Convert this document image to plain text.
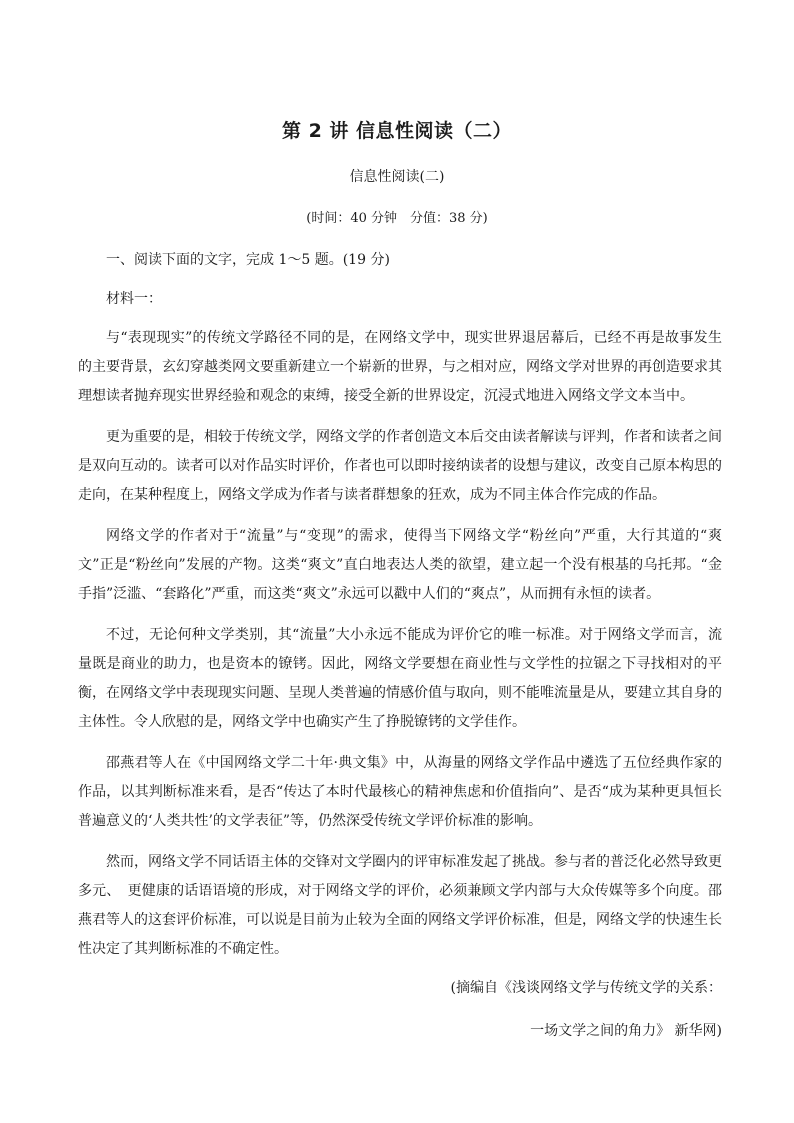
第 2 讲 信息性阅读（二）
信息性阅读(二)
(时间：40 分钟　分值：38 分)

一、阅读下面的文字，完成 1～5 题。(19 分)

材料一：

与“表现现实”的传统文学路径不同的是，在网络文学中，现实世界退居幕后，已经不再是故事发生的主要背景，玄幻穿越类网文要重新建立一个崭新的世界，与之相对应，网络文学对世界的再创造要求其理想读者抛弃现实世界经验和观念的束缚，接受全新的世界设定，沉浸式地进入网络文学文本当中。

更为重要的是，相较于传统文学，网络文学的作者创造文本后交由读者解读与评判，作者和读者之间是双向互动的。读者可以对作品实时评价，作者也可以即时接纳读者的设想与建议，改变自己原本构思的走向，在某种程度上，网络文学成为作者与读者群想象的狂欢，成为不同主体合作完成的作品。

网络文学的作者对于“流量”与“变现”的需求，使得当下网络文学“粉丝向”严重，大行其道的“爽文”正是“粉丝向”发展的产物。这类“爽文”直白地表达人类的欲望，建立起一个没有根基的乌托邦。“金手指”泛滥、“套路化”严重，而这类“爽文”永远可以戳中人们的“爽点”，从而拥有永恒的读者。

不过，无论何种文学类别，其“流量”大小永远不能成为评价它的唯一标准。对于网络文学而言，流量既是商业的助力，也是资本的镣铐。因此，网络文学要想在商业性与文学性的拉锯之下寻找相对的平衡，在网络文学中表现现实问题、呈现人类普遍的情感价值与取向，则不能唯流量是从，要建立其自身的主体性。令人欣慰的是，网络文学中也确实产生了挣脱镣铐的文学佳作。

邵燕君等人在《中国网络文学二十年·典文集》中，从海量的网络文学作品中遴选了五位经典作家的作品，以其判断标准来看，是否“传达了本时代最核心的精神焦虑和价值指向”、是否“成为某种更具恒长普遍意义的‘人类共性’的文学表征”等，仍然深受传统文学评价标准的影响。

然而，网络文学不同话语主体的交锋对文学圈内的评审标准发起了挑战。参与者的普泛化必然导致更多元、　更健康的话语语境的形成，对于网络文学的评价，必须兼顾文学内部与大众传媒等多个向度。邵燕君等人的这套评价标准，可以说是目前为止较为全面的网络文学评价标准，但是，网络文学的快速生长性决定了其判断标准的不确定性。

(摘编自《浅谈网络文学与传统文学的关系：

一场文学之间的角力》 新华网)
